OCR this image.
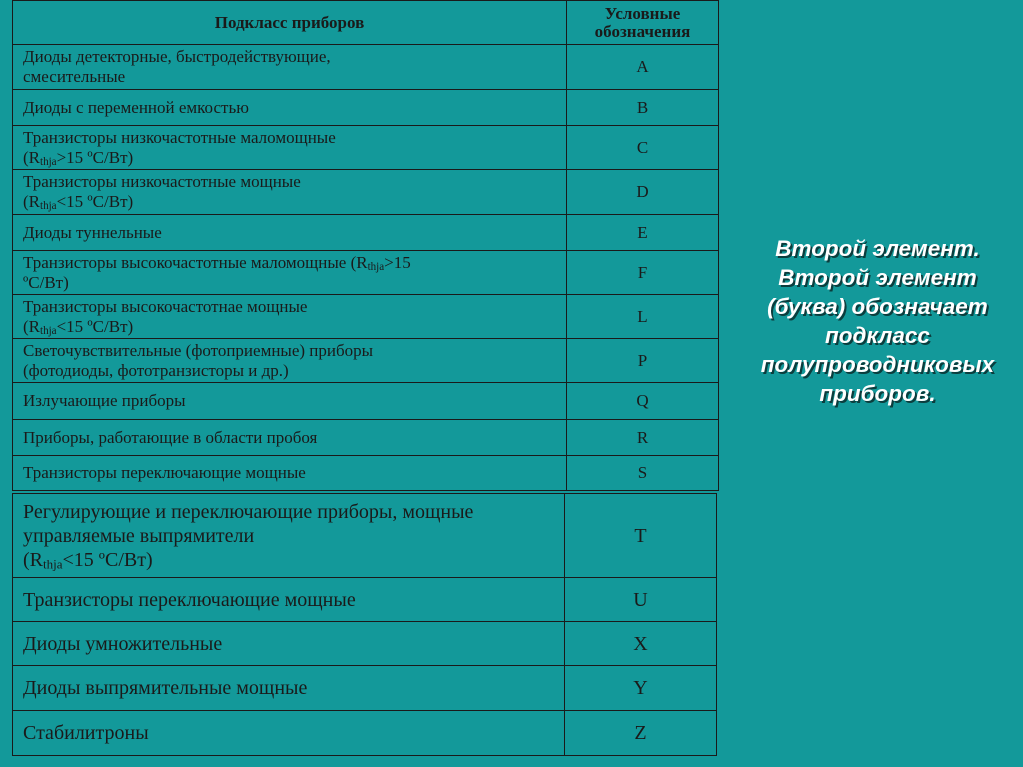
Подкласс приборов	Условные
обозначения
Диоды детекторные, быстродействующие,
смесительные	A
Диоды с переменной емкостью	B
Транзисторы низкочастотные маломощные
($R_{thja}>15$ ºС/Вт)	C
Транзисторы низкочастотные мощные
($R_{thja}<15$ ºС/Вт)	D
Диоды туннельные	E
Транзисторы высокочастотные маломощные ($R_{thja}>15$
ºС/Вт)	F
Транзисторы высокочастотнае мощные
($R_{thja}<15$ ºС/Вт)	L
Светочувствительные (фотоприемные) приборы
(фотодиоды, фототранзисторы и др.)	P
Излучающие приборы	Q
Приборы, работающие в области пробоя	R
Транзисторы переключающие мощные	S
Регулирующие и переключающие приборы, мощные
управляемые выпрямители
($R_{thja}<15$ ºС/Вт)	T
Транзисторы переключающие мощные	U
Диоды умножительные	X
Диоды выпрямительные мощные	Y
Стабилитроны	Z
Второй элемент.
Второй элемент
(буква) обозначает
подкласс
полупроводниковых
приборов.
